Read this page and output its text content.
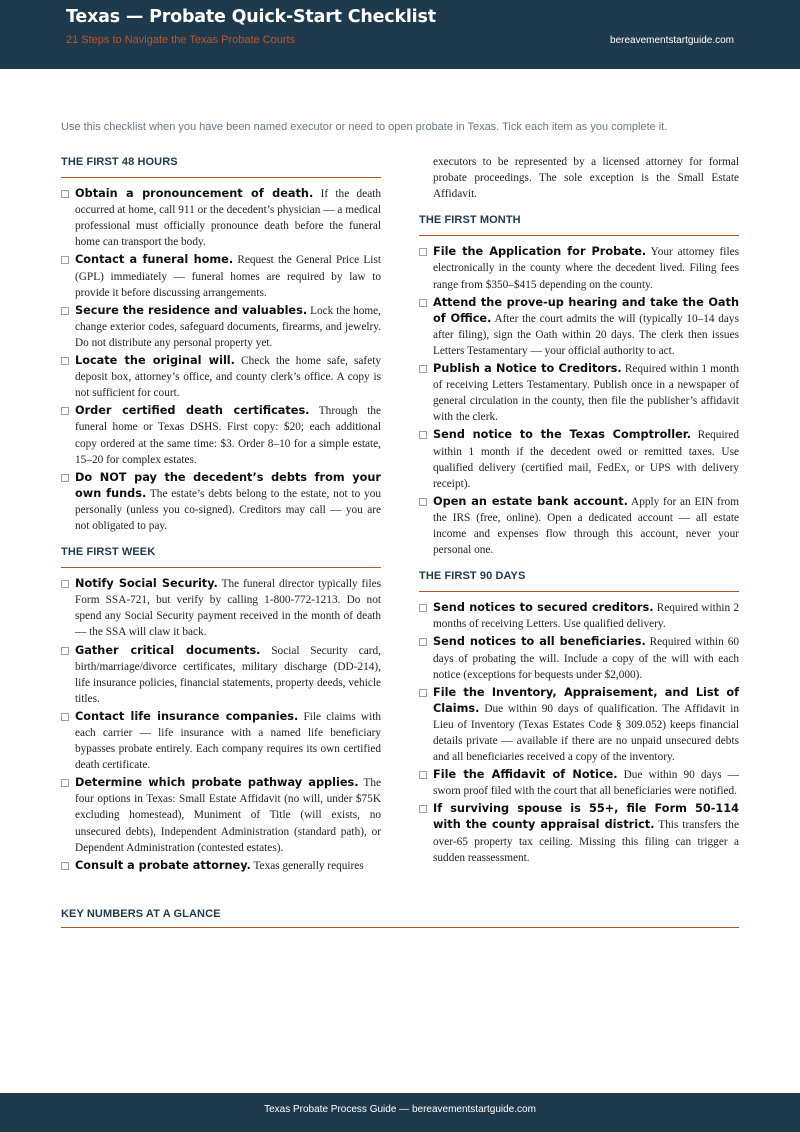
Texas — Probate Quick-Start Checklist
21 Steps to Navigate the Texas Probate Courts	bereavementstartguide.com
Use this checklist when you have been named executor or need to open probate in Texas. Tick each item as you complete it.
THE FIRST 48 HOURS
Obtain a pronouncement of death. If the death occurred at home, call 911 or the decedent’s physician — a medical professional must officially pronounce death before the funeral home can transport the body.
Contact a funeral home. Request the General Price List (GPL) immediately — funeral homes are required by law to provide it before discussing arrangements.
Secure the residence and valuables. Lock the home, change exterior codes, safeguard documents, firearms, and jewelry. Do not distribute any personal property yet.
Locate the original will. Check the home safe, safety deposit box, attorney’s office, and county clerk’s office. A copy is not sufficient for court.
Order certified death certificates. Through the funeral home or Texas DSHS. First copy: $20; each additional copy ordered at the same time: $3. Order 8–10 for a simple estate, 15–20 for complex estates.
Do NOT pay the decedent’s debts from your own funds. The estate’s debts belong to the estate, not to you personally (unless you co-signed). Creditors may call — you are not obligated to pay.
THE FIRST WEEK
Notify Social Security. The funeral director typically files Form SSA-721, but verify by calling 1-800-772-1213. Do not spend any Social Security payment received in the month of death — the SSA will claw it back.
Gather critical documents. Social Security card, birth/marriage/divorce certificates, military discharge (DD-214), life insurance policies, financial statements, property deeds, vehicle titles.
Contact life insurance companies. File claims with each carrier — life insurance with a named life beneficiary bypasses probate entirely. Each company requires its own certified death certificate.
Determine which probate pathway applies. The four options in Texas: Small Estate Affidavit (no will, under $75K excluding homestead), Muniment of Title (will exists, no unsecured debts), Independent Administration (standard path), or Dependent Administration (contested estates).
Consult a probate attorney. Texas generally requires
executors to be represented by a licensed attorney for formal probate proceedings. The sole exception is the Small Estate Affidavit.
THE FIRST MONTH
File the Application for Probate. Your attorney files electronically in the county where the decedent lived. Filing fees range from $350–$415 depending on the county.
Attend the prove-up hearing and take the Oath of Office. After the court admits the will (typically 10–14 days after filing), sign the Oath within 20 days. The clerk then issues Letters Testamentary — your official authority to act.
Publish a Notice to Creditors. Required within 1 month of receiving Letters Testamentary. Publish once in a newspaper of general circulation in the county, then file the publisher’s affidavit with the clerk.
Send notice to the Texas Comptroller. Required within 1 month if the decedent owed or remitted taxes. Use qualified delivery (certified mail, FedEx, or UPS with delivery receipt).
Open an estate bank account. Apply for an EIN from the IRS (free, online). Open a dedicated account — all estate income and expenses flow through this account, never your personal one.
THE FIRST 90 DAYS
Send notices to secured creditors. Required within 2 months of receiving Letters. Use qualified delivery.
Send notices to all beneficiaries. Required within 60 days of probating the will. Include a copy of the will with each notice (exceptions for bequests under $2,000).
File the Inventory, Appraisement, and List of Claims. Due within 90 days of qualification. The Affidavit in Lieu of Inventory (Texas Estates Code § 309.052) keeps financial details private — available if there are no unpaid unsecured debts and all beneficiaries received a copy of the inventory.
File the Affidavit of Notice. Due within 90 days — sworn proof filed with the court that all beneficiaries were notified.
If surviving spouse is 55+, file Form 50-114 with the county appraisal district. This transfers the over-65 property tax ceiling. Missing this filing can trigger a sudden reassessment.
KEY NUMBERS AT A GLANCE
Texas Probate Process Guide — bereavementstartguide.com
